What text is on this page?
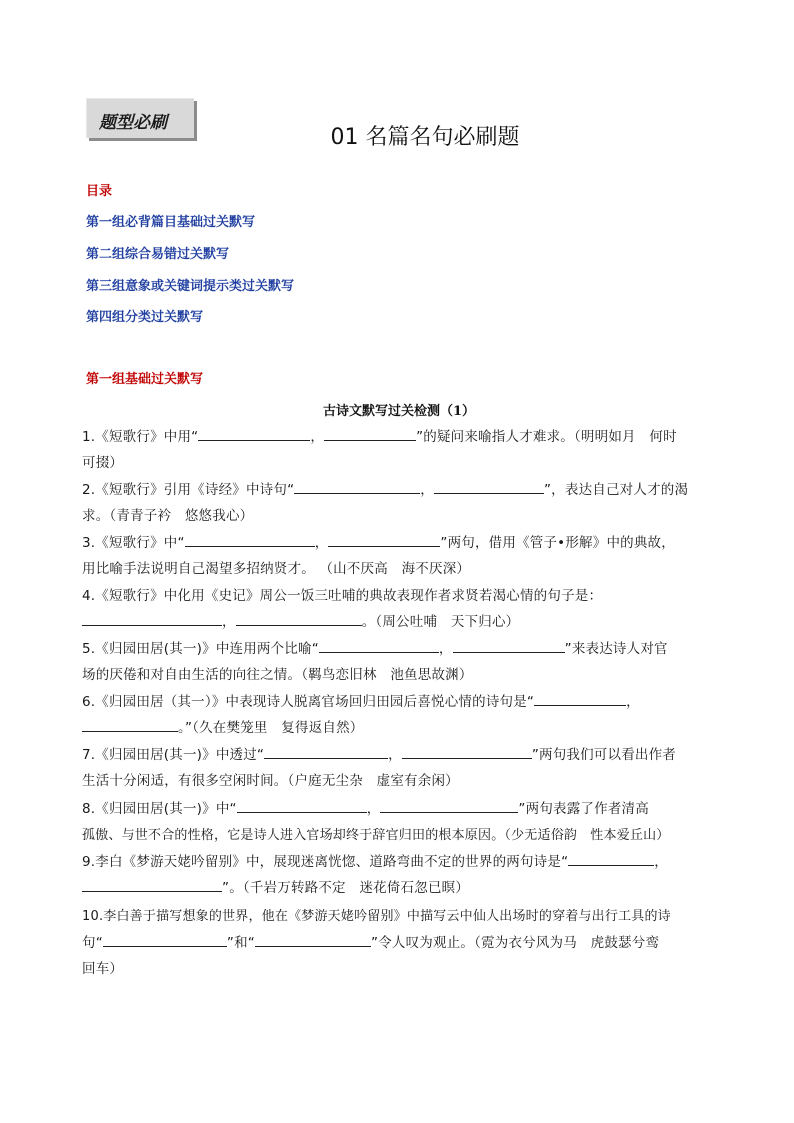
题型必刷
01 名篇名句必刷题
目录
第一组必背篇目基础过关默写
第二组综合易错过关默写
第三组意象或关键词提示类过关默写
第四组分类过关默写
第一组基础过关默写
古诗文默写过关检测（1）
1.《短歌行》中用“	，	”的疑问来喻指人才难求。（明明如月　何时
可掇）
2.《短歌行》引用《诗经》中诗句“	，	”，表达自己对人才的渴
求。（青青子衿　悠悠我心）
3.《短歌行》中“	，	”两句，借用《管子•形解》中的典故，
用比喻手法说明自己渴望多招纳贤才。 （山不厌高　海不厌深）
4.《短歌行》中化用《史记》周公一饭三吐哺的典故表现作者求贤若渴心情的句子是：
，	。（周公吐哺　天下归心）
5.《归园田居(其一)》中连用两个比喻“	，	”来表达诗人对官
场的厌倦和对自由生活的向往之情。（羁鸟恋旧林　池鱼思故渊）
6.《归园田居（其一）》中表现诗人脱离官场回归田园后喜悦心情的诗句是“	，
。”（久在樊笼里　复得返自然）
7.《归园田居(其一)》中透过“	，	”两句我们可以看出作者
生活十分闲适，有很多空闲时间。（户庭无尘杂　虚室有余闲）
8.《归园田居(其一)》中“	，	”两句表露了作者清高
孤傲、与世不合的性格，它是诗人进入官场却终于辞官归田的根本原因。（少无适俗韵　性本爱丘山）
9.李白《梦游天姥吟留别》中，展现迷离恍惚、道路弯曲不定的世界的两句诗是“	，
”。（千岩万转路不定　迷花倚石忽已暝）
10.李白善于描写想象的世界，他在《梦游天姥吟留别》中描写云中仙人出场时的穿着与出行工具的诗
句“	”和“	”令人叹为观止。（霓为衣兮风为马　虎鼓瑟兮鸾
回车）
